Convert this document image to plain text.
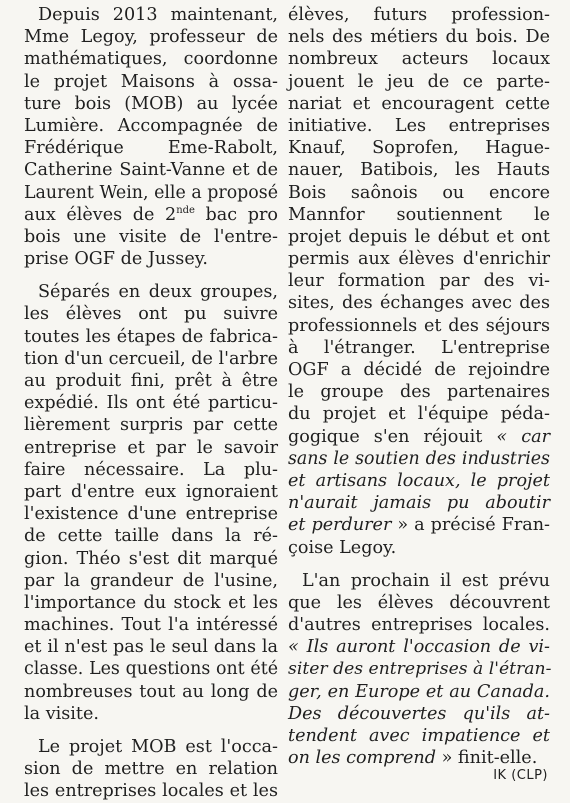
Depuis 2013 maintenant,
Mme Legoy, professeur de
mathématiques, coordonne
le projet Maisons à ossa-
ture bois (MOB) au lycée
Lumière. Accompagnée de
Frédérique Eme-Rabolt,
Catherine Saint-Vanne et de
Laurent Wein, elle a proposé
aux élèves de 2nde bac pro
bois une visite de l'entre-
prise OGF de Jussey.
Séparés en deux groupes,
les élèves ont pu suivre
toutes les étapes de fabrica-
tion d'un cercueil, de l'arbre
au produit fini, prêt à être
expédié. Ils ont été particu-
lièrement surpris par cette
entreprise et par le savoir
faire nécessaire. La plu-
part d'entre eux ignoraient
l'existence d'une entreprise
de cette taille dans la ré-
gion. Théo s'est dit marqué
par la grandeur de l'usine,
l'importance du stock et les
machines. Tout l'a intéressé
et il n'est pas le seul dans la
classe. Les questions ont été
nombreuses tout au long de
la visite.
Le projet MOB est l'occa-
sion de mettre en relation
les entreprises locales et les
élèves, futurs profession-
nels des métiers du bois. De
nombreux acteurs locaux
jouent le jeu de ce parte-
nariat et encouragent cette
initiative. Les entreprises
Knauf, Soprofen, Hague-
nauer, Batibois, les Hauts
Bois saônois ou encore
Mannfor soutiennent le
projet depuis le début et ont
permis aux élèves d'enrichir
leur formation par des vi-
sites, des échanges avec des
professionnels et des séjours
à l'étranger. L'entreprise
OGF a décidé de rejoindre
le groupe des partenaires
du projet et l'équipe péda-
gogique s'en réjouit « car
sans le soutien des industries
et artisans locaux, le projet
n'aurait jamais pu aboutir
et perdurer » a précisé Fran-
çoise Legoy.
L'an prochain il est prévu
que les élèves découvrent
d'autres entreprises locales.
« Ils auront l'occasion de vi-
siter des entreprises à l'étran-
ger, en Europe et au Canada.
Des découvertes qu'ils at-
tendent avec impatience et
on les comprend » finit-elle.
IK (CLP)
